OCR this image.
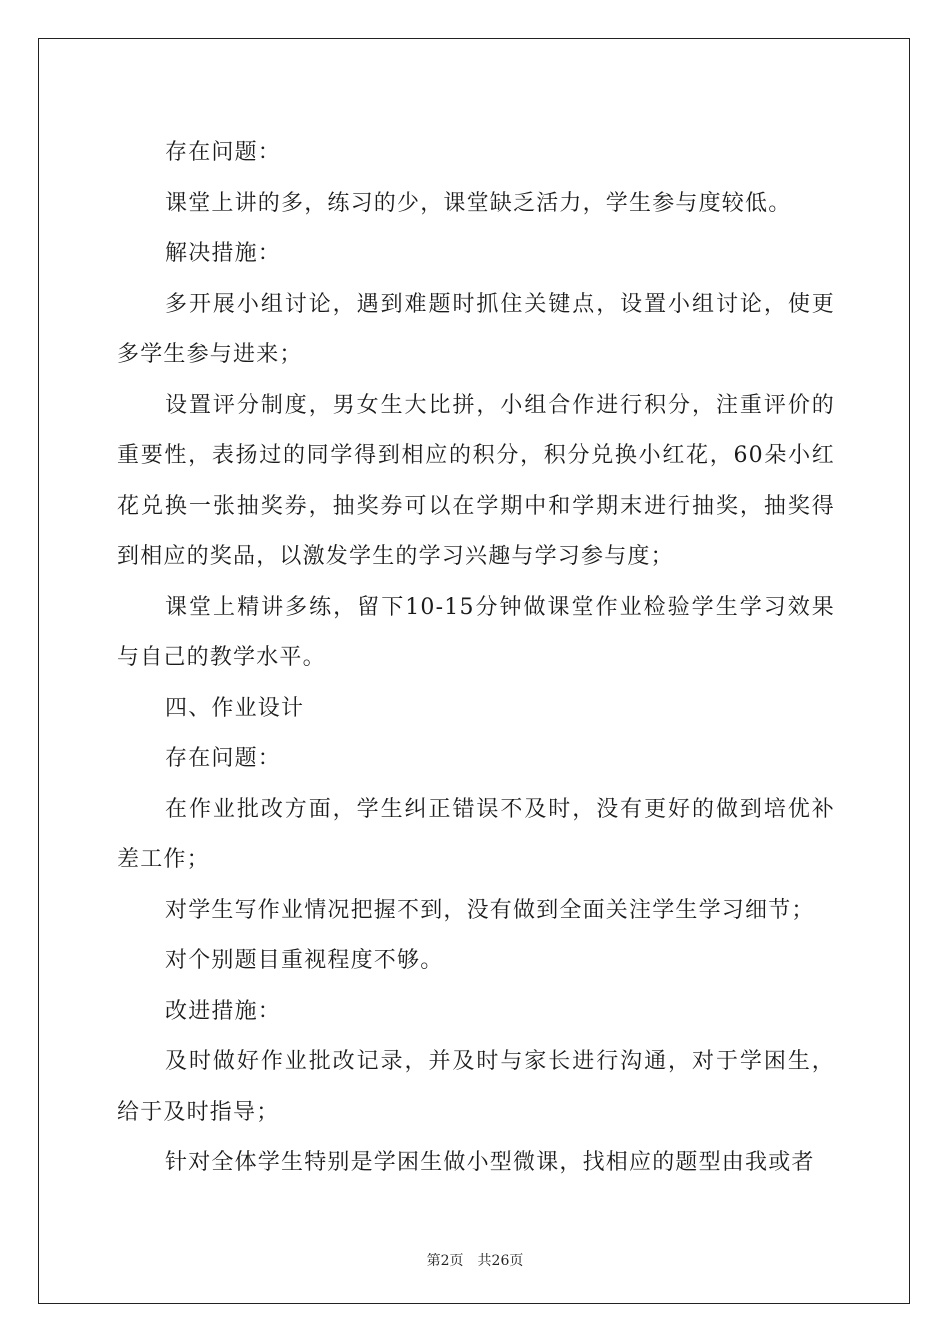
存在问题：

课堂上讲的多，练习的少，课堂缺乏活力，学生参与度较低。

解决措施：

多开展小组讨论，遇到难题时抓住关键点，设置小组讨论，使更多学生参与进来；

设置评分制度，男女生大比拼，小组合作进行积分，注重评价的重要性，表扬过的同学得到相应的积分，积分兑换小红花，60朵小红花兑换一张抽奖券，抽奖券可以在学期中和学期末进行抽奖，抽奖得到相应的奖品，以激发学生的学习兴趣与学习参与度；

课堂上精讲多练，留下10-15分钟做课堂作业检验学生学习效果与自己的教学水平。

四、作业设计

存在问题：

在作业批改方面，学生纠正错误不及时，没有更好的做到培优补差工作；

对学生写作业情况把握不到，没有做到全面关注学生学习细节；

对个别题目重视程度不够。

改进措施：

及时做好作业批改记录，并及时与家长进行沟通，对于学困生，给于及时指导；

针对全体学生特别是学困生做小型微课，找相应的题型由我或者

第2页 共26页
